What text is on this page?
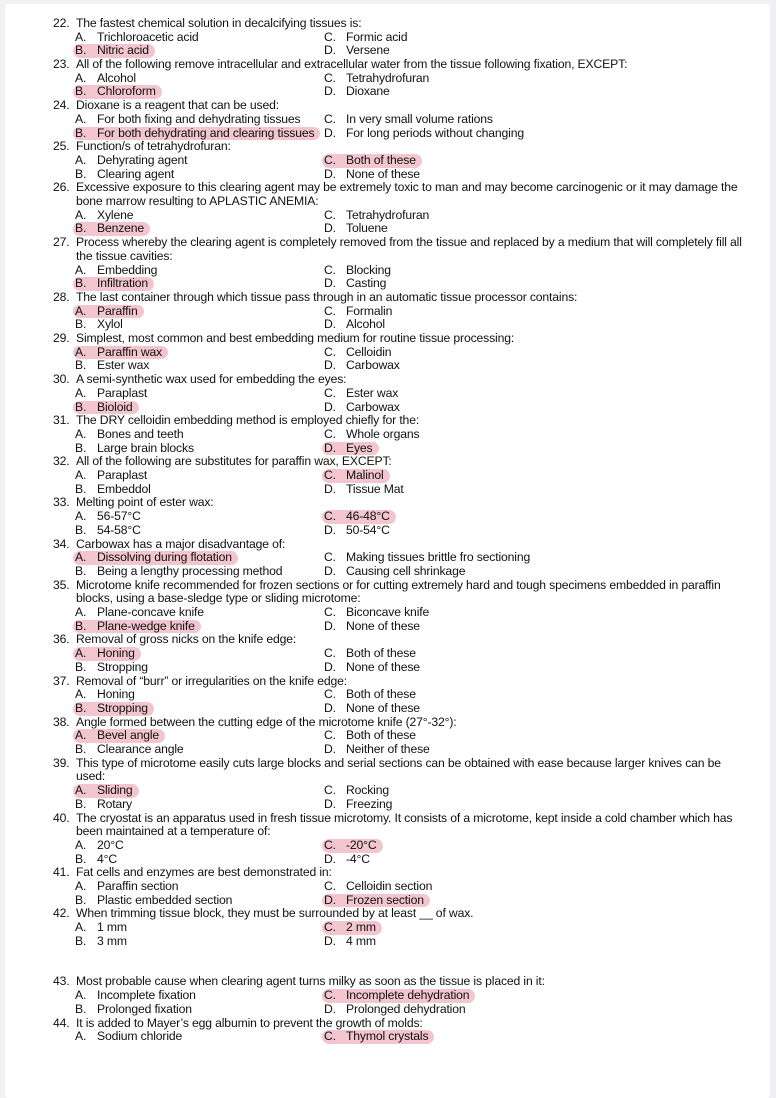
22. The fastest chemical solution in decalcifying tissues is:
A. Trichloroacetic acid	C. Formic acid
B. Nitric acid	D. Versene
23. All of the following remove intracellular and extracellular water from the tissue following fixation, EXCEPT:
A. Alcohol	C. Tetrahydrofuran
B. Chloroform	D. Dioxane
24. Dioxane is a reagent that can be used:
A. For both fixing and dehydrating tissues C. In very small volume rations
B. For both dehydrating and clearing tissues D. For long periods without changing
25. Function/s of tetrahydrofuran:
A. Dehyrating agent	C. Both of these
B. Clearing agent	D. None of these
26. Excessive exposure to this clearing agent may be extremely toxic to man and may become carcinogenic or it may damage the bone marrow resulting to APLASTIC ANEMIA:
A. Xylene	C. Tetrahydrofuran
B. Benzene	D. Toluene
27. Process whereby the clearing agent is completely removed from the tissue and replaced by a medium that will completely fill all the tissue cavities:
A. Embedding	C. Blocking
B. Infiltration	D. Casting
28. The last container through which tissue pass through in an automatic tissue processor contains:
A. Paraffin	C. Formalin
B. Xylol	D. Alcohol
29. Simplest, most common and best embedding medium for routine tissue processing:
A. Paraffin wax	C. Celloidin
B. Ester wax	D. Carbowax
30. A semi-synthetic wax used for embedding the eyes:
A. Paraplast	C. Ester wax
B. Bioloid	D. Carbowax
31. The DRY celloidin embedding method is employed chiefly for the:
A. Bones and teeth	C. Whole organs
B. Large brain blocks	D. Eyes
32. All of the following are substitutes for paraffin wax, EXCEPT:
A. Paraplast	C. Malinol
B. Embeddol	D. Tissue Mat
33. Melting point of ester wax:
A. 56-57°C	C. 46-48°C
B. 54-58°C	D. 50-54°C
34. Carbowax has a major disadvantage of:
A. Dissolving during flotation	C. Making tissues brittle fro sectioning
B. Being a lengthy processing method	D. Causing cell shrinkage
35. Microtome knife recommended for frozen sections or for cutting extremely hard and tough specimens embedded in paraffin blocks, using a base-sledge type or sliding microtome:
A. Plane-concave knife	C. Biconcave knife
B. Plane-wedge knife	D. None of these
36. Removal of gross nicks on the knife edge:
A. Honing	C. Both of these
B. Stropping	D. None of these
37. Removal of “burr” or irregularities on the knife edge:
A. Honing	C. Both of these
B. Stropping	D. None of these
38. Angle formed between the cutting edge of the microtome knife (27°-32°):
A. Bevel angle	C. Both of these
B. Clearance angle	D. Neither of these
39. This type of microtome easily cuts large blocks and serial sections can be obtained with ease because larger knives can be used:
A. Sliding	C. Rocking
B. Rotary	D. Freezing
40. The cryostat is an apparatus used in fresh tissue microtomy. It consists of a microtome, kept inside a cold chamber which has been maintained at a temperature of:
A. 20°C	C. -20°C
B. 4°C	D. -4°C
41. Fat cells and enzymes are best demonstrated in:
A. Paraffin section	C. Celloidin section
B. Plastic embedded section	D. Frozen section
42. When trimming tissue block, they must be surrounded by at least __ of wax.
A. 1 mm	C. 2 mm
B. 3 mm	D. 4 mm
43. Most probable cause when clearing agent turns milky as soon as the tissue is placed in it:
A. Incomplete fixation	C. Incomplete dehydration
B. Prolonged fixation	D. Prolonged dehydration
44. It is added to Mayer’s egg albumin to prevent the growth of molds:
A. Sodium chloride	C. Thymol crystals
